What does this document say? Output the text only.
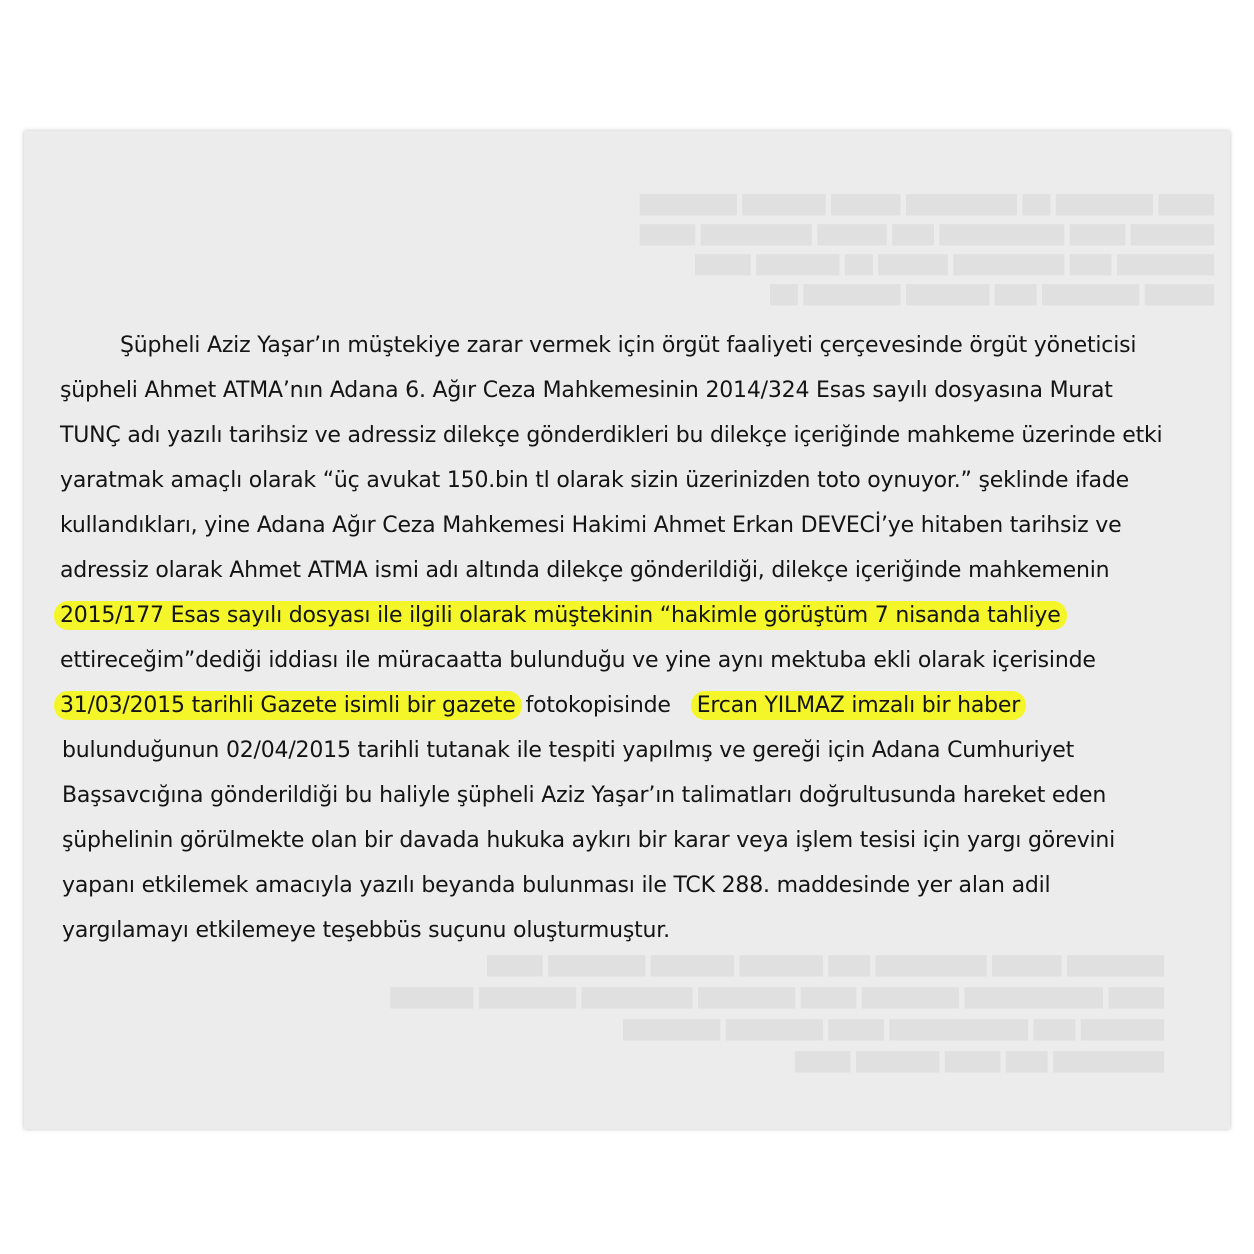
Şüpheli Aziz Yaşar’ın müştekiye zarar vermek için örgüt faaliyeti çerçevesinde örgüt yöneticisi
şüpheli Ahmet ATMA’nın Adana 6. Ağır Ceza Mahkemesinin 2014/324 Esas sayılı dosyasına Murat
TUNÇ adı yazılı tarihsiz ve adressiz dilekçe gönderdikleri bu dilekçe içeriğinde mahkeme üzerinde etki
yaratmak amaçlı olarak “üç avukat 150.bin tl olarak sizin üzerinizden toto oynuyor.” şeklinde ifade
kullandıkları, yine Adana Ağır Ceza Mahkemesi Hakimi Ahmet Erkan DEVECİ’ye hitaben tarihsiz ve
adressiz olarak Ahmet ATMA ismi adı altında dilekçe gönderildiği, dilekçe içeriğinde mahkemenin
2015/177 Esas sayılı dosyası ile ilgili olarak müştekinin “hakimle görüştüm 7 nisanda tahliye
ettireceğim”dediği iddiası ile müracaatta bulunduğu ve yine aynı mektuba ekli olarak içerisinde
31/03/2015 tarihli Gazete isimli bir gazete fotokopisinde Ercan YILMAZ imzalı bir haber
bulunduğunun 02/04/2015 tarihli tutanak ile tespiti yapılmış ve gereği için Adana Cumhuriyet
Başsavcığına gönderildiği bu haliyle şüpheli Aziz Yaşar’ın talimatları doğrultusunda hareket eden
şüphelinin görülmekte olan bir davada hukuka aykırı bir karar veya işlem tesisi için yargı görevini
yapanı etkilemek amacıyla yazılı beyanda bulunması ile TCK 288. maddesinde yer alan adil
yargılamayı etkilemeye teşebbüs suçunu oluşturmuştur.
